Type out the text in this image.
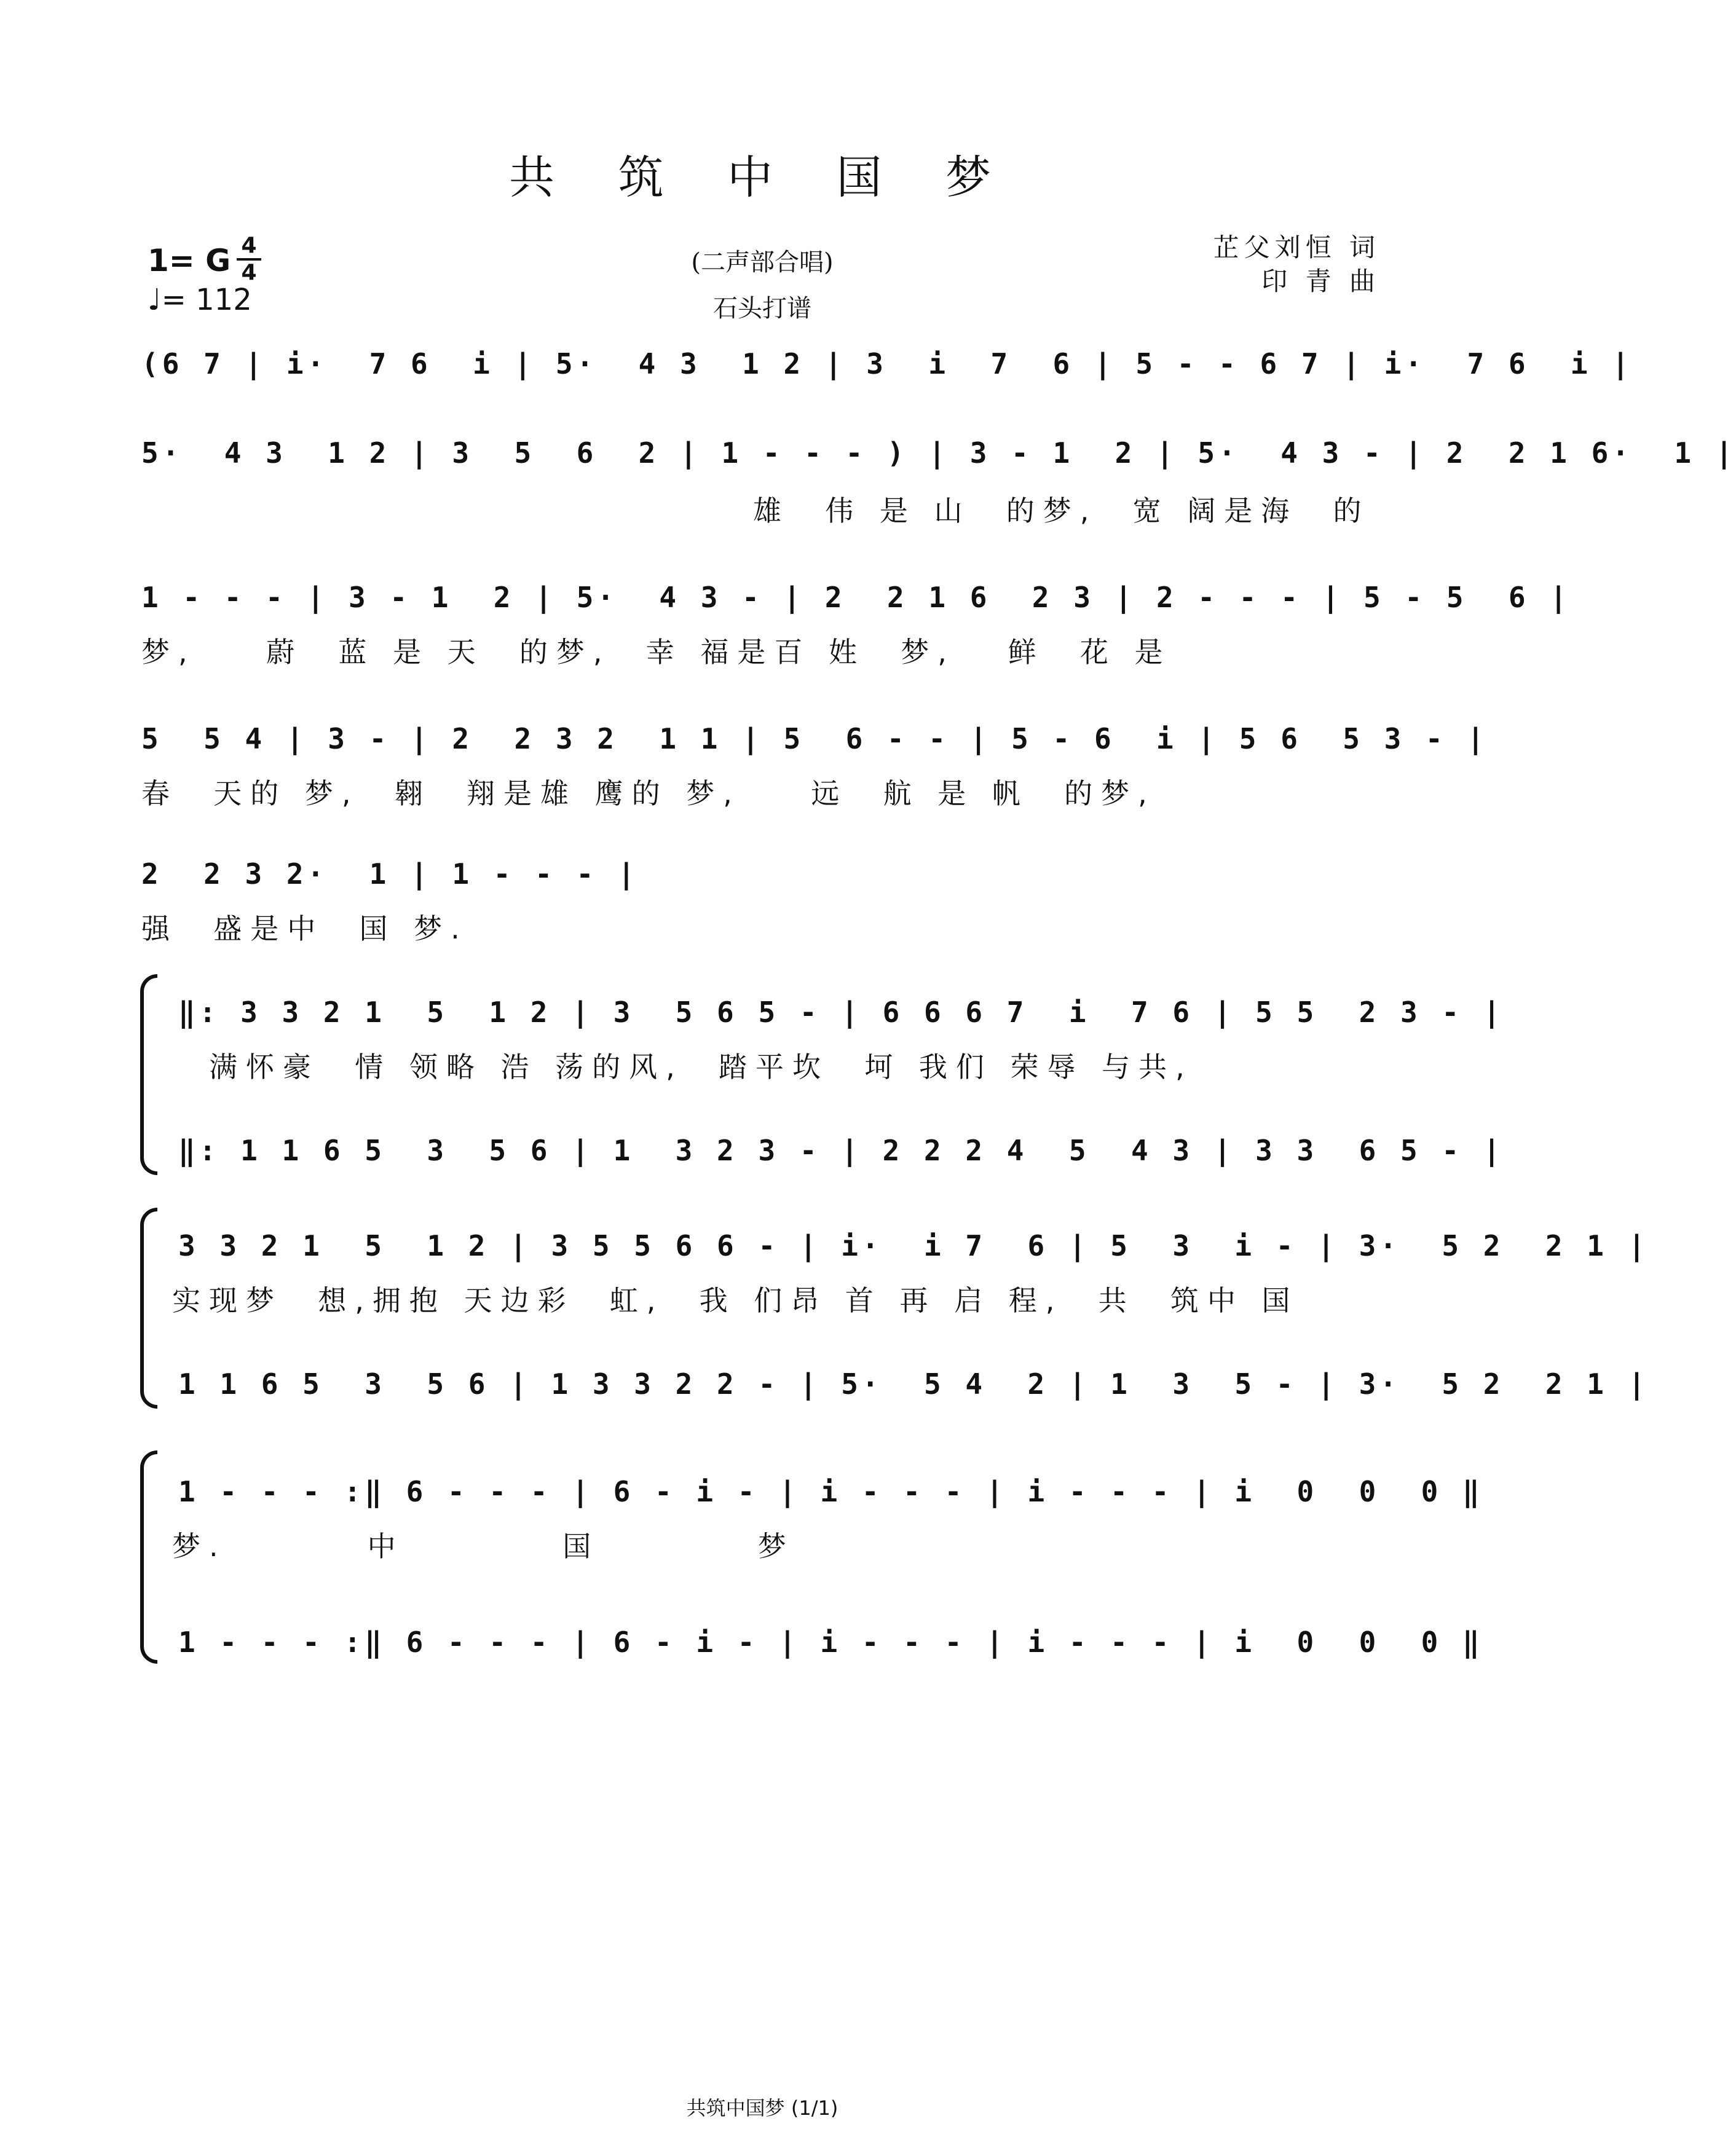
共 筑 中 国 梦
1= G 4
4
♩= 112
(二声部合唱)
石头打谱
芷父刘恒 词
印 青 曲
(6 7 | i·  7 6  i | 5·  4 3  1 2 | 3  i  7  6 | 5 - - 6 7 | i·  7 6  i |
5·  4 3  1 2 | 3  5  6  2 | 1 - - - ) | 3 - 1  2 | 5·  4 3 - | 2  2 1 6·  1 |
雄  伟 是 山  的梦,  宽 阔是海  的
1 - - - | 3 - 1  2 | 5·  4 3 - | 2  2 1 6  2 3 | 2 - - - | 5 - 5  6 |
梦,    蔚  蓝 是 天  的梦,  幸 福是百 姓  梦,   鲜  花 是
5  5 4 | 3 - | 2  2 3 2  1 1 | 5  6 - - | 5 - 6  i | 5 6  5 3 - |
春  天的 梦,  翱  翔是雄 鹰的 梦,    远  航 是 帆  的梦,
2  2 3 2·  1 | 1 - - - |
强  盛是中  国 梦.
‖: 3 3 2 1  5  1 2 | 3  5 6 5 - | 6 6 6 7  i  7 6 | 5 5  2 3 - |
满怀豪  情 领略 浩 荡的风,  踏平坎  坷 我们 荣辱 与共,
‖: 1 1 6 5  3  5 6 | 1  3 2 3 - | 2 2 2 4  5  4 3 | 3 3  6 5 - |
3 3 2 1  5  1 2 | 3 5 5 6 6 - | i·  i 7  6 | 5  3  i - | 3·  5 2  2 1 |
实现梦  想,拥抱 天边彩  虹,  我 们昂 首 再 启 程,  共  筑中 国
1 1 6 5  3  5 6 | 1 3 3 2 2 - | 5·  5 4  2 | 1  3  5 - | 3·  5 2  2 1 |
1 - - - :‖ 6 - - - | 6 - i - | i - - - | i - - - | i  0  0  0 ‖
梦.        中         国         梦
1 - - - :‖ 6 - - - | 6 - i - | i - - - | i - - - | i  0  0  0 ‖
共筑中国梦 (1/1)
